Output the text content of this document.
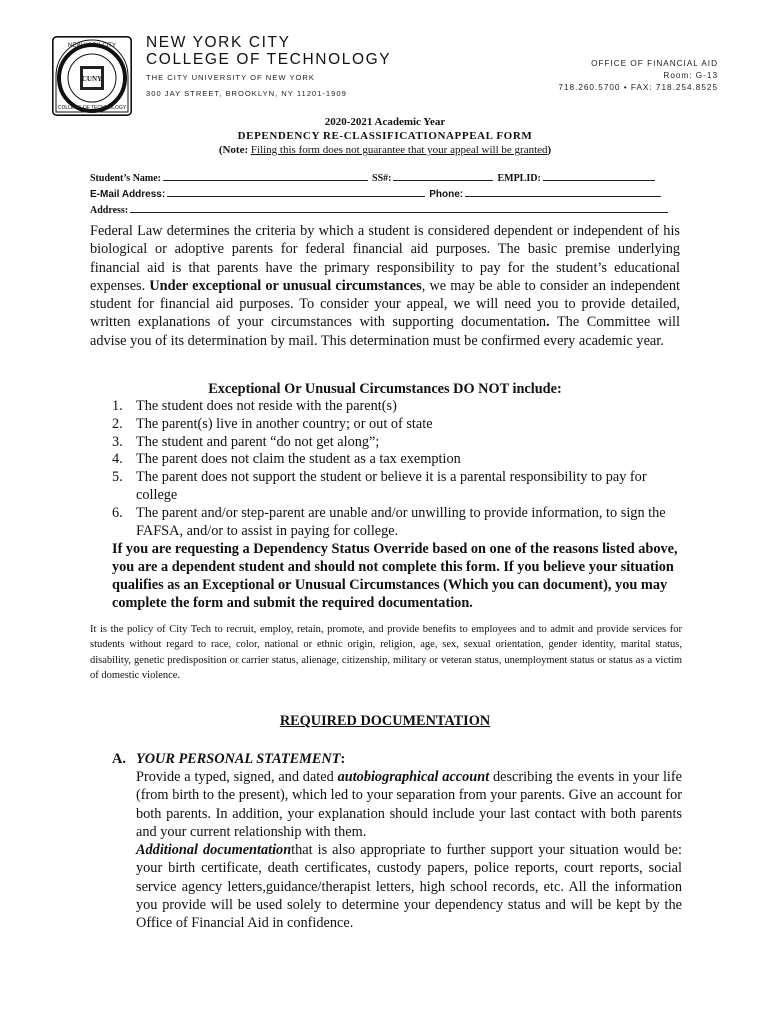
CUNY
NEW YORK CITY
COLLEGE OF TECHNOLOGY
NEW YORK CITY
COLLEGE OF TECHNOLOGY
THE CITY UNIVERSITY OF NEW YORK
300 JAY STREET, BROOKLYN, NY 11201-1909
OFFICE OF FINANCIAL AID
Room: G-13
718.260.5700 • FAX: 718.254.8525
2020-2021 Academic Year
DEPENDENCY RE-CLASSIFICATIONAPPEAL FORM
(Note: Filing this form does not guarantee that your appeal will be granted)
Student’s Name:	SS#:	EMPLID:
E-Mail Address:	Phone:
Address:

Federal Law determines the criteria by which a student is considered dependent or independent of his biological or adoptive parents for federal financial aid purposes. The basic premise underlying financial aid is that parents have the primary responsibility to pay for the student’s educational expenses. Under exceptional or unusual circumstances, we may be able to consider an independent student for financial aid purposes. To consider your appeal, we will need you to provide detailed, written explanations of your circumstances with supporting documentation. The Committee will advise you of its determination by mail. This determination must be confirmed every academic year.

Exceptional Or Unusual Circumstances DO NOT include:
1. The student does not reside with the parent(s)
2. The parent(s) live in another country; or out of state
3. The student and parent “do not get along”;
4. The parent does not claim the student as a tax exemption
5. The parent does not support the student or believe it is a parental responsibility to pay for college
6. The parent and/or step-parent are unable and/or unwilling to provide information, to sign the FAFSA, and/or to assist in paying for college.

If you are requesting a Dependency Status Override based on one of the reasons listed above, you are a dependent student and should not complete this form. If you believe your situation qualifies as an Exceptional or Unusual Circumstances (Which you can document), you may complete the form and submit the required documentation.

It is the policy of City Tech to recruit, employ, retain, promote, and provide benefits to employees and to admit and provide services for students without regard to race, color, national or ethnic origin, religion, age, sex, sexual orientation, gender identity, marital status, disability, genetic predisposition or carrier status, alienage, citizenship, military or veteran status, unemployment status or status as a victim of domestic violence.

REQUIRED DOCUMENTATION
A. YOUR PERSONAL STATEMENT:

Provide a typed, signed, and dated autobiographical account describing the events in your life (from birth to the present), which led to your separation from your parents. Give an account for both parents. In addition, your explanation should include your last contact with both parents and your current relationship with them.

Additional documentationthat is also appropriate to further support your situation would be: your birth certificate, death certificates, custody papers, police reports, court reports, social service agency letters,guidance/therapist letters, high school records, etc. All the information you provide will be used solely to determine your dependency status and will be kept by the Office of Financial Aid in confidence.
